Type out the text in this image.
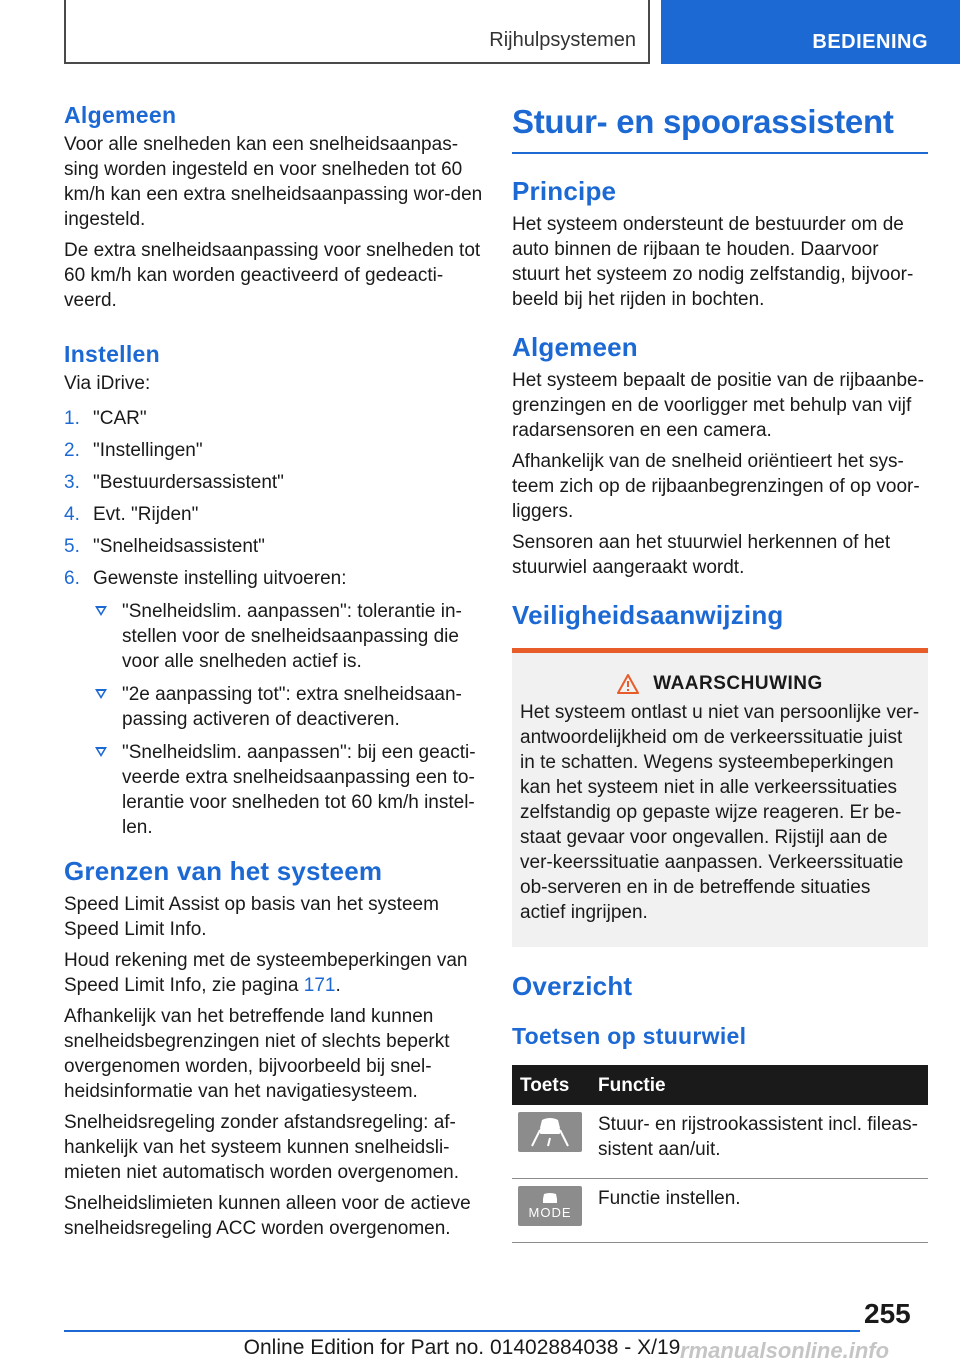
Rijhulpsystemen	BEDIENING
Algemeen

Voor alle snelheden kan een snelheidsaanpas-sing worden ingesteld en voor snelheden tot 60 km/h kan een extra snelheidsaanpassing wor-den ingesteld.

De extra snelheidsaanpassing voor snelheden tot 60 km/h kan worden geactiveerd of gedeacti-veerd.

Instellen

Via iDrive:

1. "CAR"
2. "Instellingen"
3. "Bestuurdersassistent"
4. Evt. "Rijden"
5. "Snelheidsassistent"
6. Gewenste instelling uitvoeren:
"Snelheidslim. aanpassen": tolerantie in-stellen voor de snelheidsaanpassing die voor alle snelheden actief is.
"2e aanpassing tot": extra snelheidsaan-passing activeren of deactiveren.
"Snelheidslim. aanpassen": bij een geacti-veerde extra snelheidsaanpassing een to-lerantie voor snelheden tot 60 km/h instel-len.
Grenzen van het systeem

Speed Limit Assist op basis van het systeem Speed Limit Info.

Houd rekening met de systeembeperkingen van Speed Limit Info, zie pagina 171.

Afhankelijk van het betreffende land kunnen snelheidsbegrenzingen niet of slechts beperkt overgenomen worden, bijvoorbeeld bij snel-heidsinformatie van het navigatiesysteem.

Snelheidsregeling zonder afstandsregeling: af-hankelijk van het systeem kunnen snelheidsli-mieten niet automatisch worden overgenomen.

Snelheidslimieten kunnen alleen voor de actieve snelheidsregeling ACC worden overgenomen.

Stuur- en spoorassistent
Principe

Het systeem ondersteunt de bestuurder om de auto binnen de rijbaan te houden. Daarvoor stuurt het systeem zo nodig zelfstandig, bijvoor-beeld bij het rijden in bochten.

Algemeen

Het systeem bepaalt de positie van de rijbaanbe-grenzingen en de voorligger met behulp van vijf radarsensoren en een camera.

Afhankelijk van de snelheid oriëntieert het sys-teem zich op de rijbaanbegrenzingen of op voor-liggers.

Sensoren aan het stuurwiel herkennen of het stuurwiel aangeraakt wordt.

Veiligheidsaanwijzing
WAARSCHUWING

Het systeem ontlast u niet van persoonlijke ver-antwoordelijkheid om de verkeerssituatie juist in te schatten. Wegens systeembeperkingen kan het systeem niet in alle verkeerssituaties zelfstandig op gepaste wijze reageren. Er be-staat gevaar voor ongevallen. Rijstijl aan de ver-keerssituatie aanpassen. Verkeerssituatie ob-serveren en in de betreffende situaties actief ingrijpen.

Overzicht
Toetsen op stuurwiel
Toets	Functie

	Stuur- en rijstrookassistent incl. fileas-sistent aan/uit.

MODE	Functie instellen.
255
Online Edition for Part no. 01402884038 - X/19 rmanualsonline.info
